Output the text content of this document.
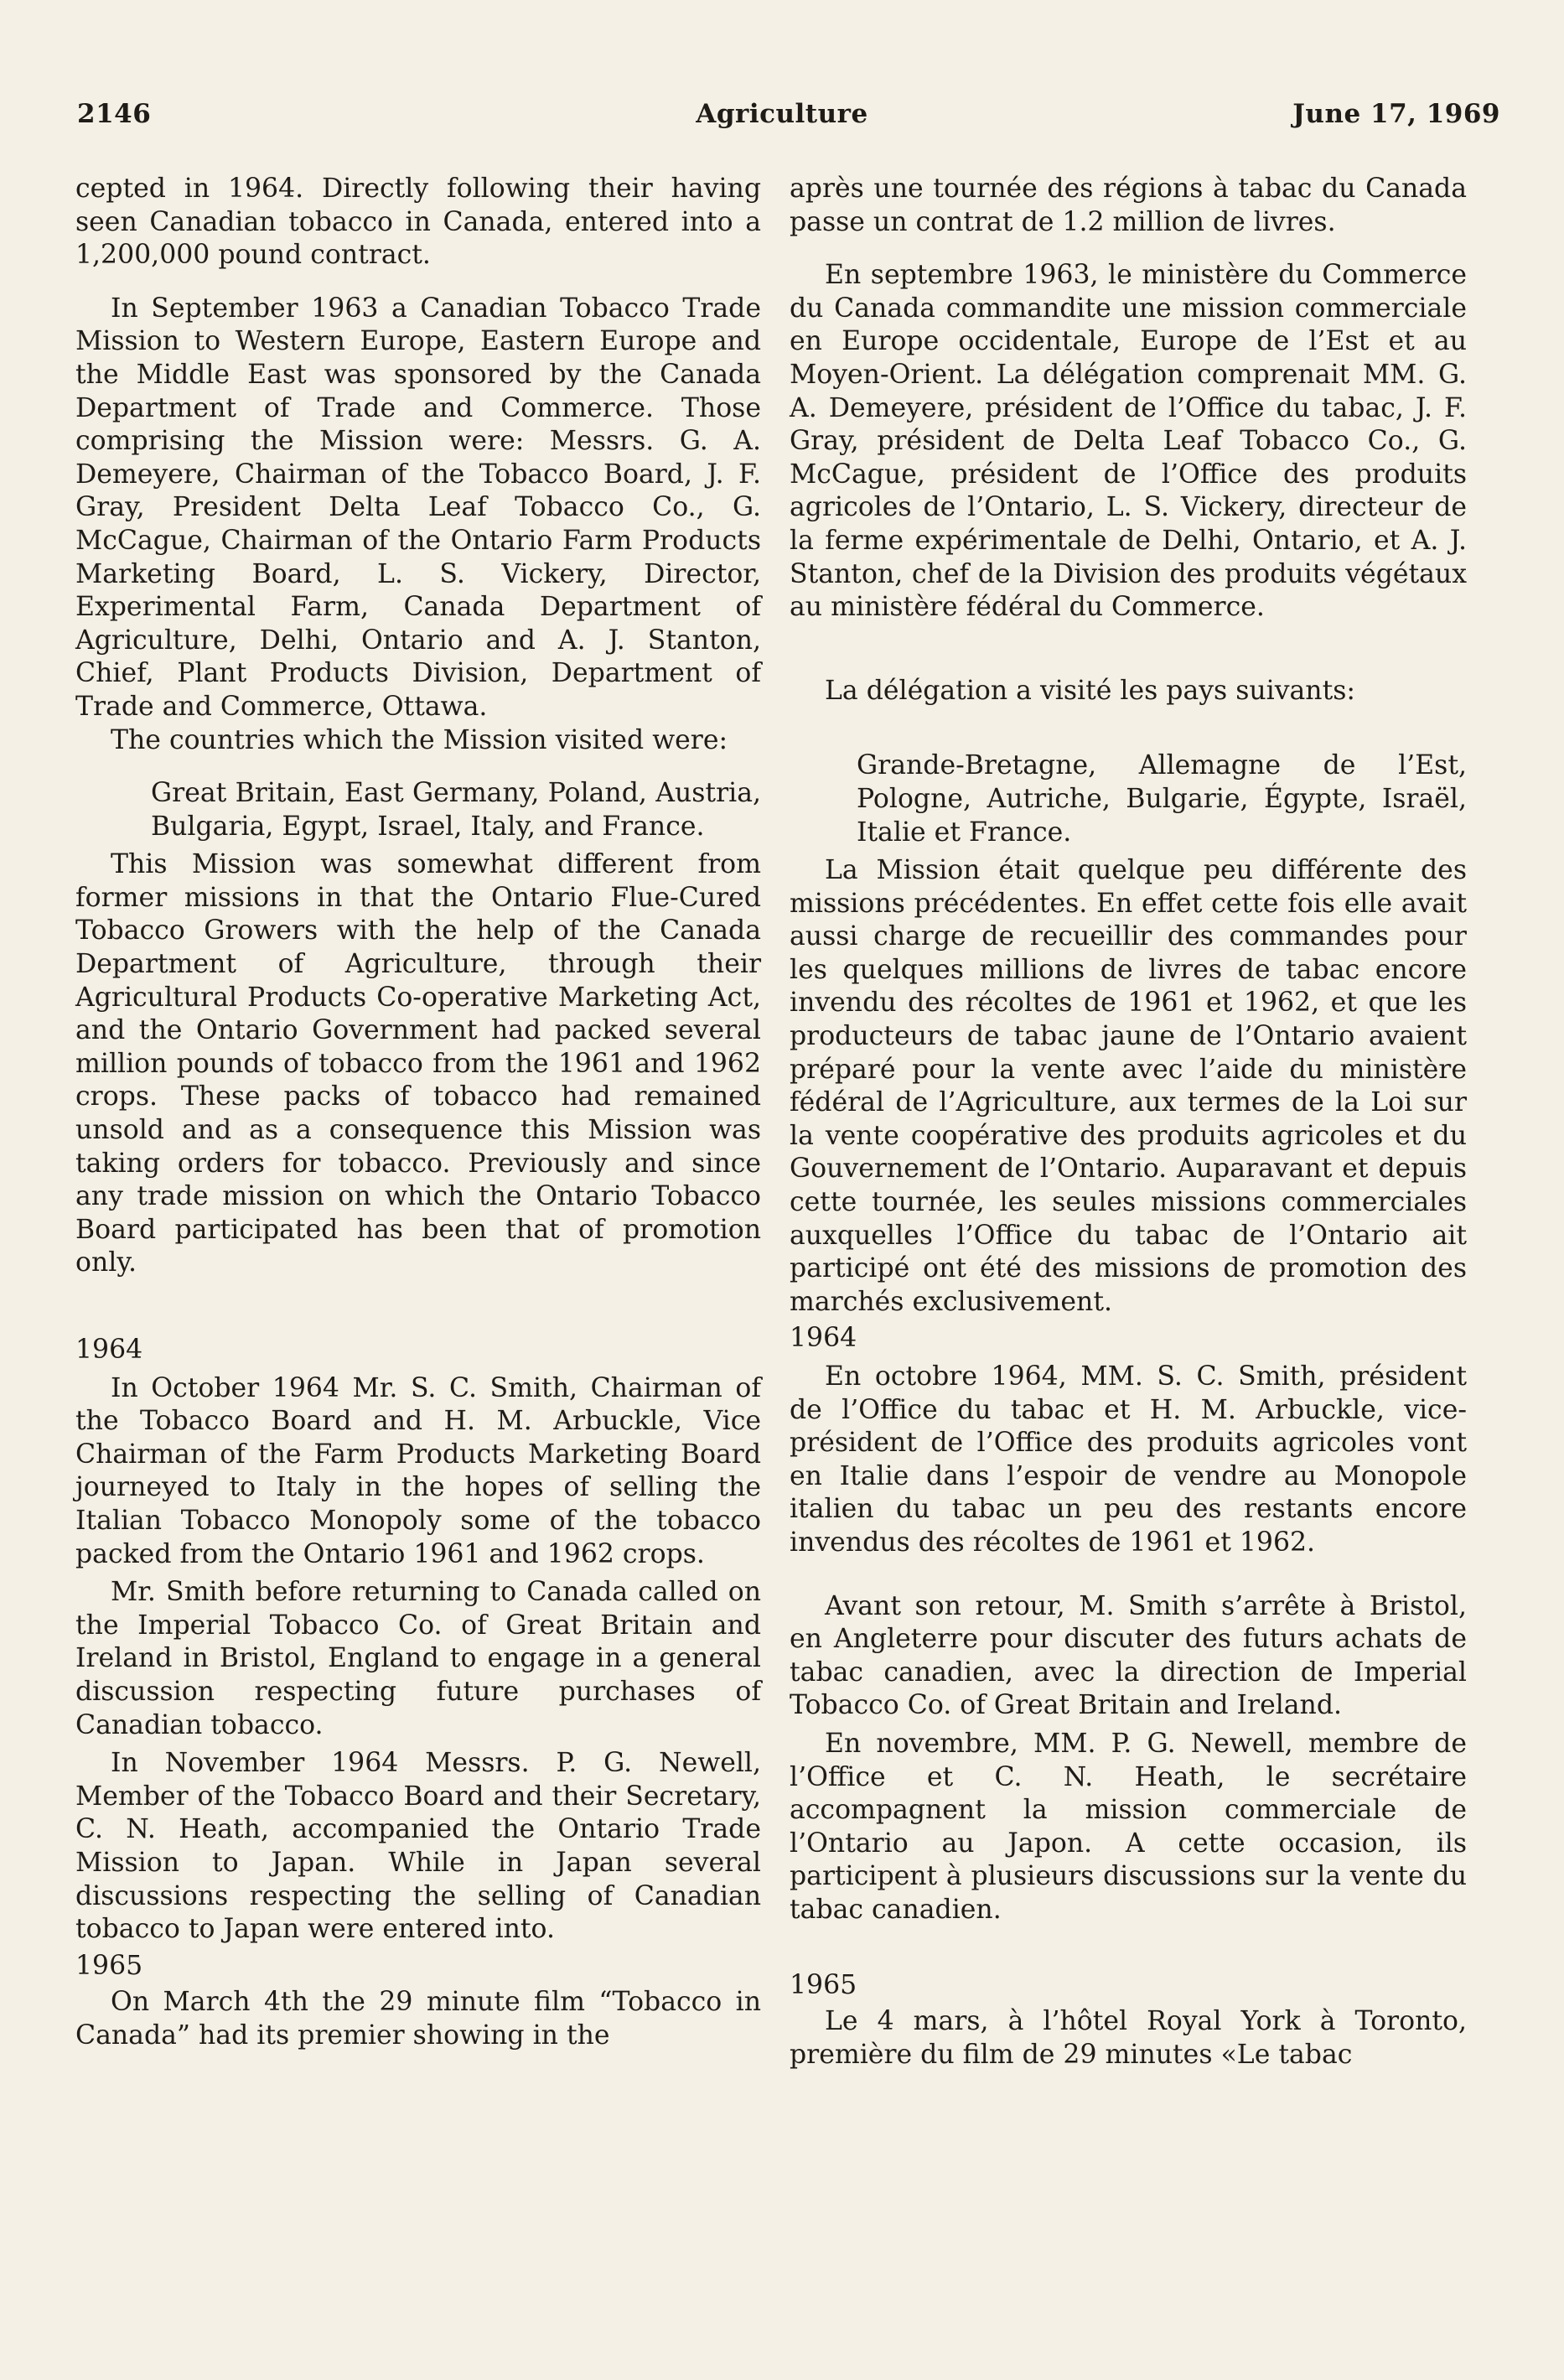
2146	Agriculture	June 17, 1969

cepted in 1964. Directly following their having seen Canadian tobacco in Canada, entered into a 1,200,000 pound contract.

In September 1963 a Canadian Tobacco Trade Mission to Western Europe, Eastern Europe and the Middle East was sponsored by the Canada Department of Trade and Commerce. Those comprising the Mission were: Messrs. G. A. Demeyere, Chairman of the Tobacco Board, J. F. Gray, President Delta Leaf Tobacco Co., G. McCague, Chairman of the Ontario Farm Products Marketing Board, L. S. Vickery, Director, Experimental Farm, Canada Department of Agriculture, Delhi, Ontario and A. J. Stanton, Chief, Plant Products Division, Department of Trade and Commerce, Ottawa.

The countries which the Mission visited were:

Great Britain, East Germany, Poland, Austria, Bulgaria, Egypt, Israel, Italy, and France.

This Mission was somewhat different from former missions in that the Ontario Flue-Cured Tobacco Growers with the help of the Canada Department of Agriculture, through their Agricultural Products Co-operative Marketing Act, and the Ontario Government had packed several million pounds of tobacco from the 1961 and 1962 crops. These packs of tobacco had remained unsold and as a consequence this Mission was taking orders for tobacco. Previously and since any trade mission on which the Ontario Tobacco Board participated has been that of promotion only.

1964

In October 1964 Mr. S. C. Smith, Chairman of the Tobacco Board and H. M. Arbuckle, Vice Chairman of the Farm Products Marketing Board journeyed to Italy in the hopes of selling the Italian Tobacco Monopoly some of the tobacco packed from the Ontario 1961 and 1962 crops.

Mr. Smith before returning to Canada called on the Imperial Tobacco Co. of Great Britain and Ireland in Bristol, England to engage in a general discussion respecting future purchases of Canadian tobacco.

In November 1964 Messrs. P. G. Newell, Member of the Tobacco Board and their Secretary, C. N. Heath, accompanied the Ontario Trade Mission to Japan. While in Japan several discussions respecting the selling of Canadian tobacco to Japan were entered into.

1965

On March 4th the 29 minute film “Tobacco in Canada” had its premier showing in the

après une tournée des régions à tabac du Canada passe un contrat de 1.2 million de livres.

En septembre 1963, le ministère du Commerce du Canada commandite une mission commerciale en Europe occidentale, Europe de l’Est et au Moyen-Orient. La délégation comprenait MM. G. A. Demeyere, président de l’Office du tabac, J. F. Gray, président de Delta Leaf Tobacco Co., G. McCague, président de l’Office des produits agricoles de l’Ontario, L. S. Vickery, directeur de la ferme expérimentale de Delhi, Ontario, et A. J. Stanton, chef de la Division des produits végétaux au ministère fédéral du Commerce.

La délégation a visité les pays suivants:

Grande-Bretagne, Allemagne de l’Est, Pologne, Autriche, Bulgarie, Égypte, Israël, Italie et France.

La Mission était quelque peu différente des missions précédentes. En effet cette fois elle avait aussi charge de recueillir des commandes pour les quelques millions de livres de tabac encore invendu des récoltes de 1961 et 1962, et que les producteurs de tabac jaune de l’Ontario avaient préparé pour la vente avec l’aide du ministère fédéral de l’Agriculture, aux termes de la Loi sur la vente coopérative des produits agricoles et du Gouvernement de l’Ontario. Auparavant et depuis cette tournée, les seules missions commerciales auxquelles l’Office du tabac de l’Ontario ait participé ont été des missions de promotion des marchés exclusivement.

1964

En octobre 1964, MM. S. C. Smith, président de l’Office du tabac et H. M. Arbuckle, vice-président de l’Office des produits agricoles vont en Italie dans l’espoir de vendre au Monopole italien du tabac un peu des restants encore invendus des récoltes de 1961 et 1962.

Avant son retour, M. Smith s’arrête à Bristol, en Angleterre pour discuter des futurs achats de tabac canadien, avec la direction de Imperial Tobacco Co. of Great Britain and Ireland.

En novembre, MM. P. G. Newell, membre de l’Office et C. N. Heath, le secrétaire accompagnent la mission commerciale de l’Ontario au Japon. A cette occasion, ils participent à plusieurs discussions sur la vente du tabac canadien.

1965

Le 4 mars, à l’hôtel Royal York à Toronto, première du film de 29 minutes «Le tabac
